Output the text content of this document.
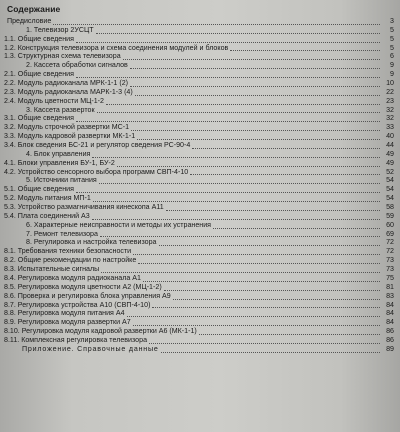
Содержание
Предисловие	3
1. Телевизор 2УСЦТ	5
1.1. Общие сведения	5
1.2. Конструкция телевизора и схема соединения модулей и блоков	5
1.3. Структурная схема телевизора	6
2. Кассета обработки сигналов	9
2.1. Общие сведения	9
2.2. Модуль радиоканала МРК-1-1 (2)	10
2.3. Модуль радиоканала МАРК-1-3 (4)	22
2.4. Модуль цветности МЦ-1-2	23
3. Кассета разверток	32
3.1. Общие сведения	32
3.2. Модуль строчной развертки МС-1	33
3.3. Модуль кадровой развертки МК-1-1	40
3.4. Блок сведения БС-21 и регулятор сведения РС-90-4	44
4. Блок управления	49
4.1. Блоки управления БУ-1, БУ-2	49
4.2. Устройство сенсорного выбора программ СВП-4-10	52
5. Источники питания	54
5.1. Общие сведения	54
5.2. Модуль питания МП-1	54
5.3. Устройство размагничивания кинескопа А11	58
5.4. Плата соединений А3	59
6. Характерные неисправности и методы их устранения	60
7. Ремонт телевизора	69
8. Регулировка и настройка телевизора	72
8.1. Требования техники безопасности	72
8.2. Общие рекомендации по настройке	73
8.3. Испытательные сигналы	73
8.4. Регулировка модуля радиоканала А1	75
8.5. Регулировка модуля цветности А2 (МЦ-1-2)	81
8.6. Проверка и регулировка блока управления А9	83
8.7. Регулировка устройства А10 (СВП-4-10)	84
8.8. Регулировка модуля питания А4	84
8.9. Регулировка модуля развертки А7	84
8.10. Регулировка модуля кадровой развертки А6 (МК-1-1)	86
8.11. Комплексная регулировка телевизора	86
Приложение. Справочные данные	89
